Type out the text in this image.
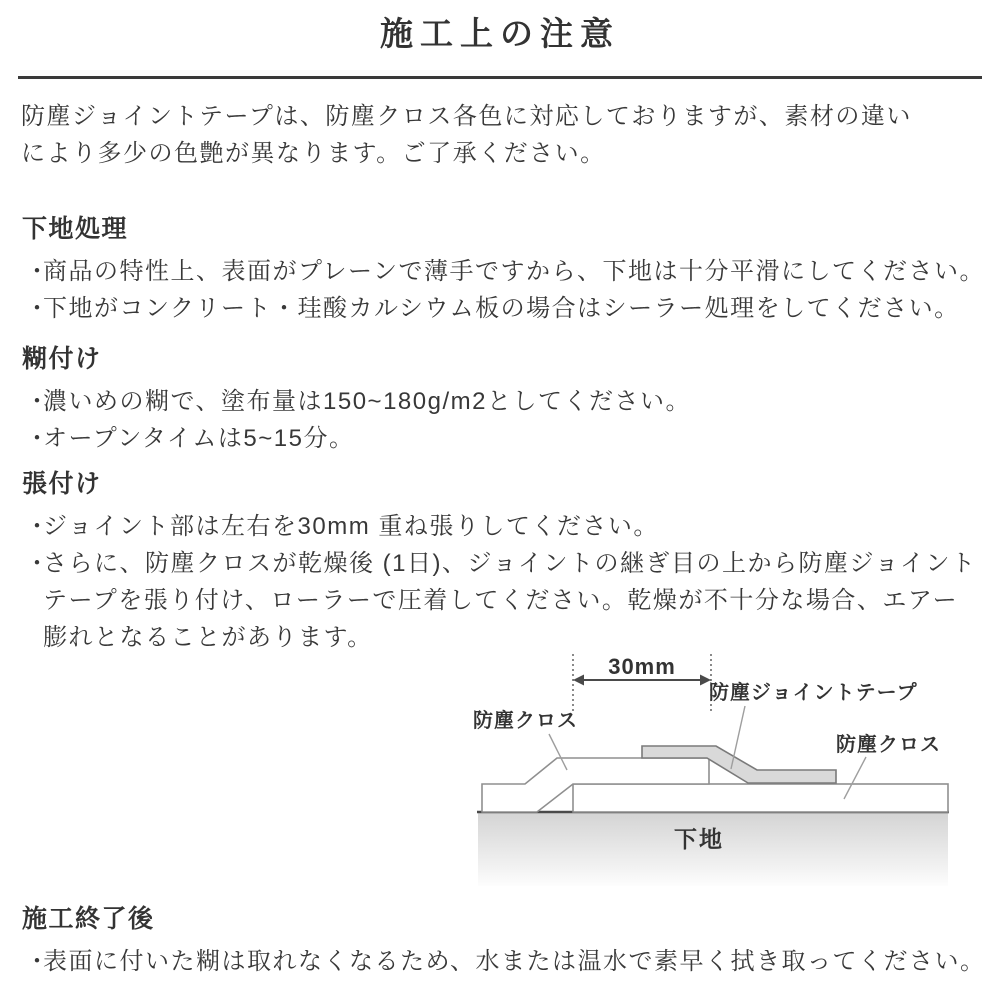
施工上の注意
防塵ジョイントテープは、防塵クロス各色に対応しておりますが、素材の違い
により多少の色艶が異なります。ご了承ください。
下地処理
・
商品の特性上、表面がプレーンで薄手ですから、下地は十分平滑にしてください。
・
下地がコンクリート・珪酸カルシウム板の場合はシーラー処理をしてください。
糊付け
・
濃いめの糊で、塗布量は150~180g/m2としてください。
・
オープンタイムは5~15分。
張付け
・
ジョイント部は左右を30mm 重ね張りしてください。
・
さらに、防塵クロスが乾燥後 (1日)、ジョイントの継ぎ目の上から防塵ジョイント
テープを張り付け、ローラーで圧着してください。乾燥が不十分な場合、エアー
膨れとなることがあります。
施工終了後
・
表面に付いた糊は取れなくなるため、水または温水で素早く拭き取ってください。
30mm
防塵クロス
防塵ジョイントテープ
防塵クロス
下地
